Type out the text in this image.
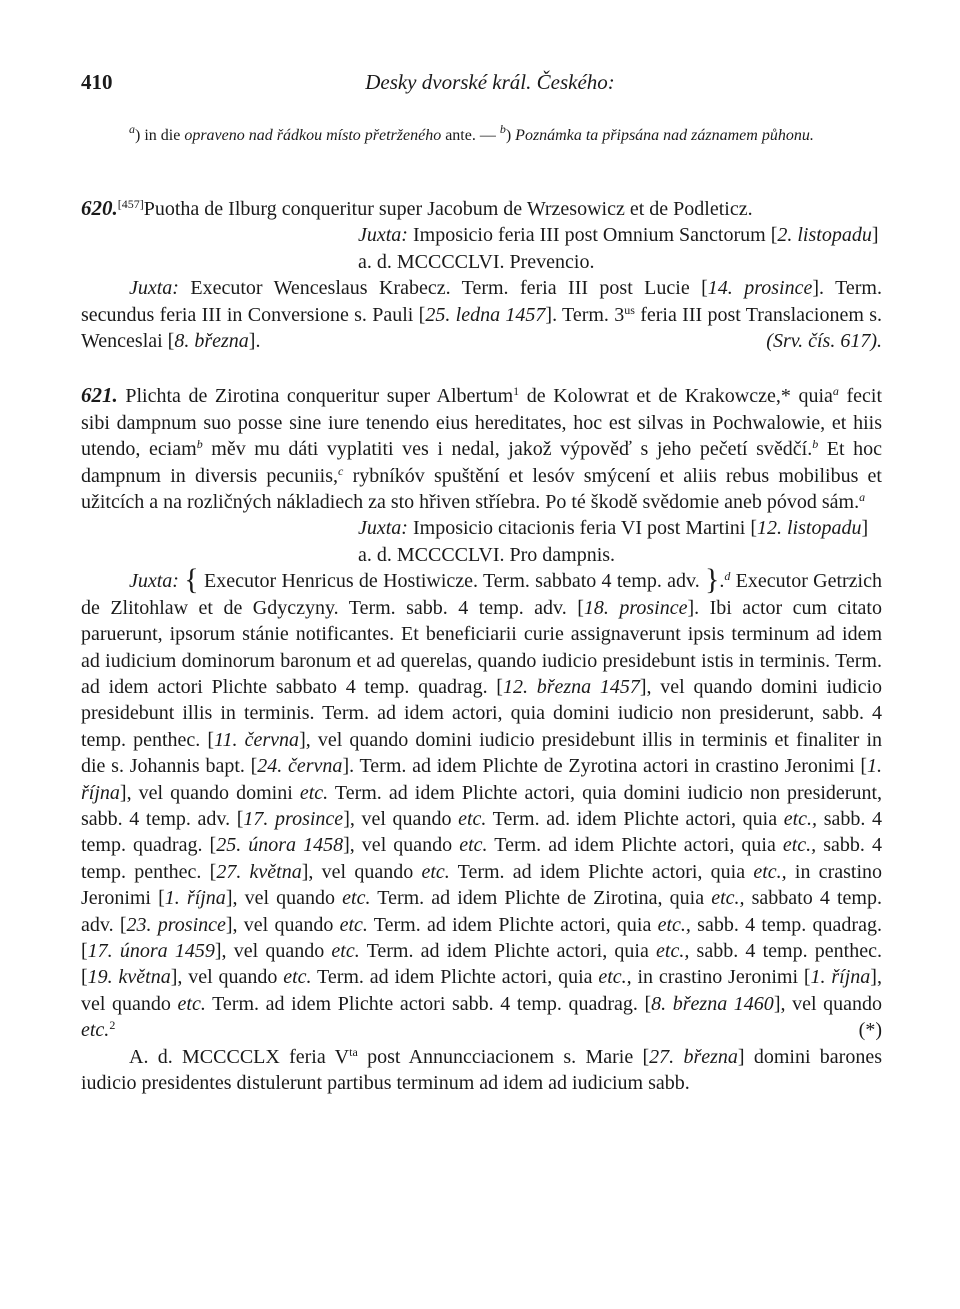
410	Desky dvorské král. Českého:

$^a$) in die opraveno nad řádkou místo přetrženého ante. — $^b$) Poznámka ta připsána nad záznamem půhonu.

620.[457]Puotha de Ilburg conqueritur super Jacobum de Wrzesowicz et de Podleticz.

Juxta: Imposicio feria III post Omnium Sanctorum [2. listopadu] a. d. MCCCCLVI. Prevencio.

Juxta: Executor Wenceslaus Krabecz. Term. feria III post Lucie [14. prosince]. Term. secundus feria III in Conversione s. Pauli [25. ledna 1457]. Term. $3^{us}$ feria III post Translacionem s. Wenceslai [8. března].	(Srv. čís. 617).

621. Plichta de Zirotina conqueritur super Albertum$^1$ de Kolowrat et de Krakowcze,* quia$^a$ fecit sibi dampnum suo posse sine iure tenendo eius hereditates, hoc est silvas in Pochwalowie, et hiis utendo, eciam$^b$ měv mu dáti vyplatiti ves i nedal, jakož výpověď s jeho pečetí svědčí.$^b$ Et hoc dampnum in diversis pecuniis,$^c$ rybníkóv spuštění et lesóv smýcení et aliis rebus mobilibus et užitcích a na rozličných nákladiech za sto hřiven stříebra. Po té škodě svědomie aneb póvod sám.$^a$

Juxta: Imposicio citacionis feria VI post Martini [12. listopadu] a. d. MCCCCLVI. Pro dampnis.

Juxta: { Executor Henricus de Hostiwicze. Term. sabbato 4 temp. adv. }.$^d$ Executor Getrzich de Zlitohlaw et de Gdyczyny. Term. sabb. 4 temp. adv. [18. prosince]. Ibi actor cum citato paruerunt, ipsorum stánie notificantes. Et beneficiarii curie assignaverunt ipsis terminum ad idem ad iudicium dominorum baronum et ad querelas, quando iudicio presidebunt istis in terminis. Term. ad idem actori Plichte sabbato 4 temp. quadrag. [12. března 1457], vel quando domini iudicio presidebunt illis in terminis. Term. ad idem actori, quia domini iudicio non presiderunt, sabb. 4 temp. penthec. [11. června], vel quando domini iudicio presidebunt illis in terminis et finaliter in die s. Johannis bapt. [24. června]. Term. ad idem Plichte de Zyrotina actori in crastino Jeronimi [1. října], vel quando domini etc. Term. ad idem Plichte actori, quia domini iudicio non presiderunt, sabb. 4 temp. adv. [17. prosince], vel quando etc. Term. ad. idem Plichte actori, quia etc., sabb. 4 temp. quadrag. [25. února 1458], vel quando etc. Term. ad idem Plichte actori, quia etc., sabb. 4 temp. penthec. [27. května], vel quando etc. Term. ad idem Plichte actori, quia etc., in crastino Jeronimi [1. října], vel quando etc. Term. ad idem Plichte de Zirotina, quia etc., sabbato 4 temp. adv. [23. prosince], vel quando etc. Term. ad idem Plichte actori, quia etc., sabb. 4 temp. quadrag. [17. února 1459], vel quando etc. Term. ad idem Plichte actori, quia etc., sabb. 4 temp. penthec. [19. května], vel quando etc. Term. ad idem Plichte actori, quia etc., in crastino Jeronimi [1. října], vel quando etc. Term. ad idem Plichte actori sabb. 4 temp. quadrag. [8. března 1460], vel quando etc.$^2$	(*)

A. d. MCCCCLX feria $V^{ta}$ post Annuncciacionem s. Marie [27. března] domini barones iudicio presidentes distulerunt partibus terminum ad idem ad iudicium sabb.
